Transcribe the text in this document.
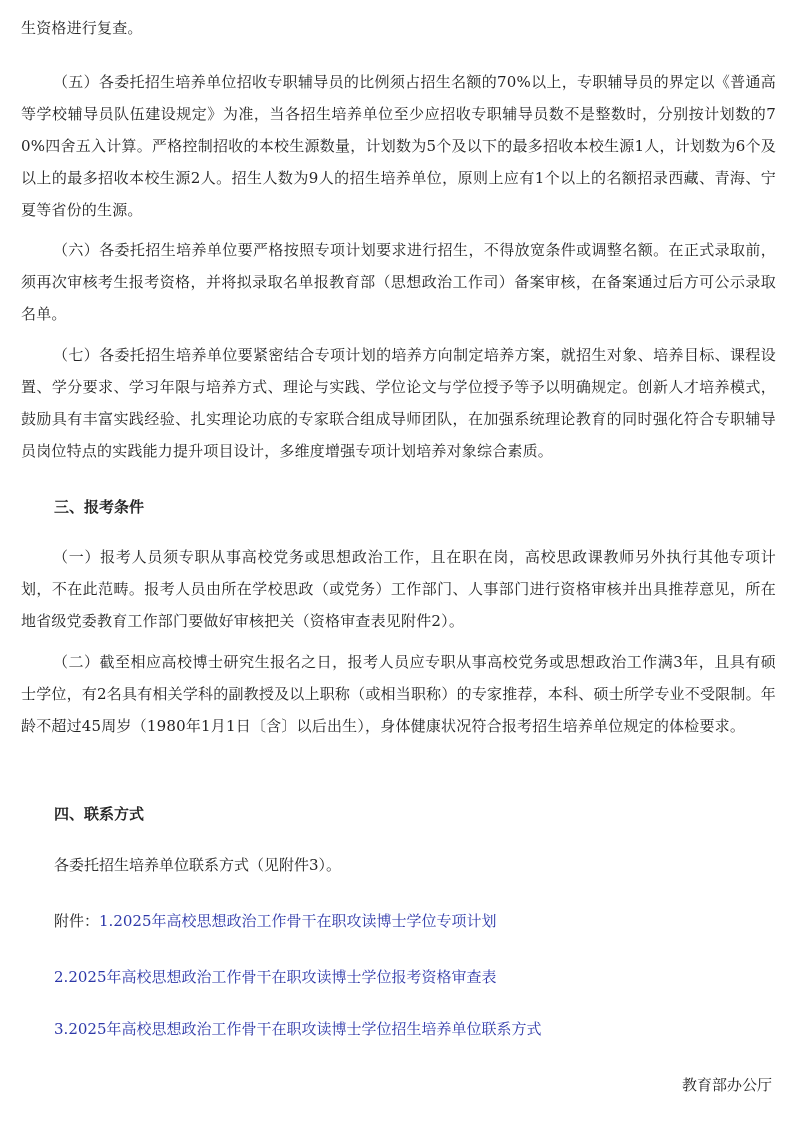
生资格进行复查。
（五）各委托招生培养单位招收专职辅导员的比例须占招生名额的70%以上，专职辅导员的界定以《普通高等学校辅导员队伍建设规定》为准，当各招生培养单位至少应招收专职辅导员数不是整数时，分别按计划数的70%四舍五入计算。严格控制招收的本校生源数量，计划数为5个及以下的最多招收本校生源1人，计划数为6个及以上的最多招收本校生源2人。招生人数为9人的招生培养单位，原则上应有1个以上的名额招录西藏、青海、宁夏等省份的生源。
（六）各委托招生培养单位要严格按照专项计划要求进行招生，不得放宽条件或调整名额。在正式录取前，须再次审核考生报考资格，并将拟录取名单报教育部（思想政治工作司）备案审核，在备案通过后方可公示录取名单。
（七）各委托招生培养单位要紧密结合专项计划的培养方向制定培养方案，就招生对象、培养目标、课程设置、学分要求、学习年限与培养方式、理论与实践、学位论文与学位授予等予以明确规定。创新人才培养模式，鼓励具有丰富实践经验、扎实理论功底的专家联合组成导师团队，在加强系统理论教育的同时强化符合专职辅导员岗位特点的实践能力提升项目设计，多维度增强专项计划培养对象综合素质。
三、报考条件
（一）报考人员须专职从事高校党务或思想政治工作，且在职在岗，高校思政课教师另外执行其他专项计划，不在此范畴。报考人员由所在学校思政（或党务）工作部门、人事部门进行资格审核并出具推荐意见，所在地省级党委教育工作部门要做好审核把关（资格审查表见附件2）。
（二）截至相应高校博士研究生报名之日，报考人员应专职从事高校党务或思想政治工作满3年，且具有硕士学位，有2名具有相关学科的副教授及以上职称（或相当职称）的专家推荐，本科、硕士所学专业不受限制。年龄不超过45周岁（1980年1月1日〔含〕以后出生），身体健康状况符合报考招生培养单位规定的体检要求。
四、联系方式
各委托招生培养单位联系方式（见附件3）。
附件：1.2025年高校思想政治工作骨干在职攻读博士学位专项计划
2.2025年高校思想政治工作骨干在职攻读博士学位报考资格审查表
3.2025年高校思想政治工作骨干在职攻读博士学位招生培养单位联系方式
教育部办公厅
